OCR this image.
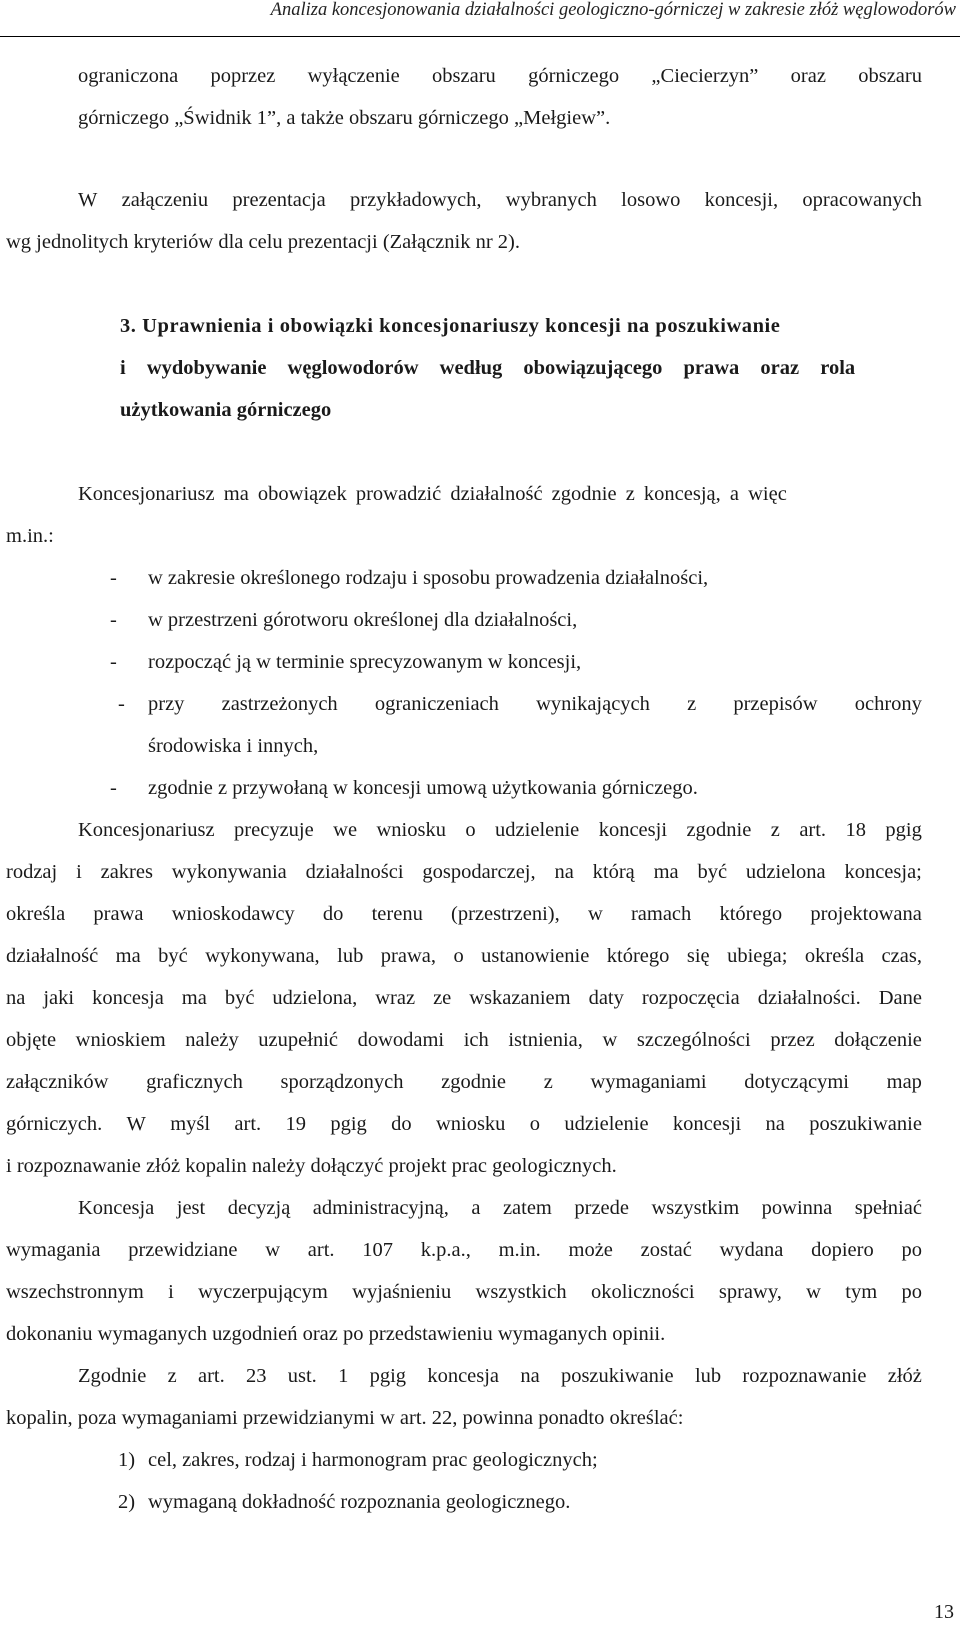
Analiza koncesjonowania działalności geologiczno-górniczej w zakresie złóż węglowodorów
ograniczona poprzez wyłączenie obszaru górniczego „Ciecierzyn” oraz obszaru
górniczego „Świdnik 1”, a także obszaru górniczego „Mełgiew”.
W załączeniu prezentacja przykładowych, wybranych losowo koncesji, opracowanych
wg jednolitych kryteriów dla celu prezentacji (Załącznik nr 2).
3. Uprawnienia i obowiązki koncesjonariuszy koncesji na poszukiwanie
i wydobywanie węglowodorów według obowiązującego prawa oraz rola
użytkowania górniczego
Koncesjonariusz ma obowiązek prowadzić działalność zgodnie z koncesją, a więc
m.in.:
- w zakresie określonego rodzaju i sposobu prowadzenia działalności,
- w przestrzeni górotworu określonej dla działalności,
- rozpocząć ją w terminie sprecyzowanym w koncesji,
- przy zastrzeżonych ograniczeniach wynikających z przepisów ochrony
środowiska i innych,
- zgodnie z przywołaną w koncesji umową użytkowania górniczego.
Koncesjonariusz precyzuje we wniosku o udzielenie koncesji zgodnie z art. 18 pgig
rodzaj i zakres wykonywania działalności gospodarczej, na którą ma być udzielona koncesja;
określa prawa wnioskodawcy do terenu (przestrzeni), w ramach którego projektowana
działalność ma być wykonywana, lub prawa, o ustanowienie którego się ubiega; określa czas,
na jaki koncesja ma być udzielona, wraz ze wskazaniem daty rozpoczęcia działalności. Dane
objęte wnioskiem należy uzupełnić dowodami ich istnienia, w szczególności przez dołączenie
załączników graficznych sporządzonych zgodnie z wymaganiami dotyczącymi map
górniczych. W myśl art. 19 pgig do wniosku o udzielenie koncesji na poszukiwanie
i rozpoznawanie złóż kopalin należy dołączyć projekt prac geologicznych.
Koncesja jest decyzją administracyjną, a zatem przede wszystkim powinna spełniać
wymagania przewidziane w art. 107 k.p.a., m.in. może zostać wydana dopiero po
wszechstronnym i wyczerpującym wyjaśnieniu wszystkich okoliczności sprawy, w tym po
dokonaniu wymaganych uzgodnień oraz po przedstawieniu wymaganych opinii.
Zgodnie z art. 23 ust. 1 pgig koncesja na poszukiwanie lub rozpoznawanie złóż
kopalin, poza wymaganiami przewidzianymi w art. 22, powinna ponadto określać:
1) cel, zakres, rodzaj i harmonogram prac geologicznych;
2) wymaganą dokładność rozpoznania geologicznego.
13
